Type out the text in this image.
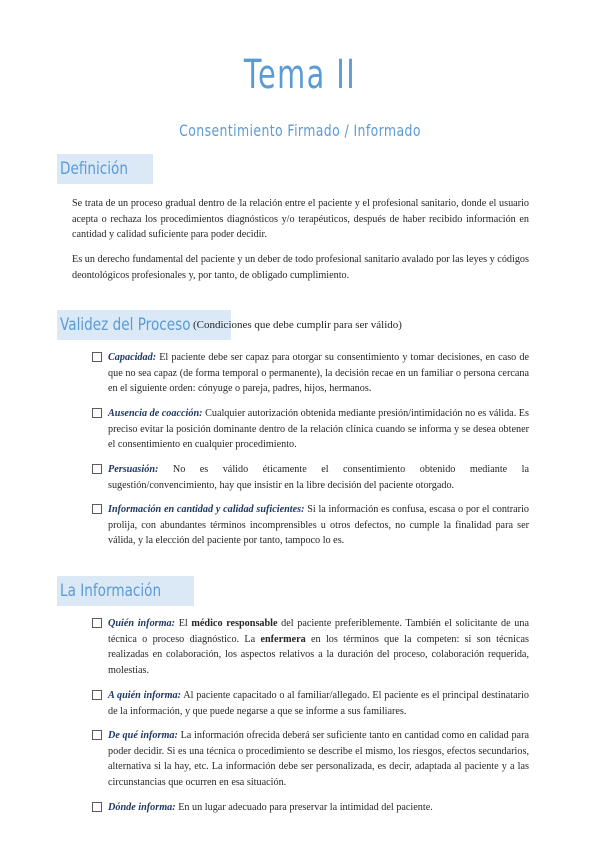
Tema II
Consentimiento Firmado / Informado
Definición

Se trata de un proceso gradual dentro de la relación entre el paciente y el profesional sanitario, donde el usuario acepta o rechaza los procedimientos diagnósticos y/o terapéuticos, después de haber recibido información en cantidad y calidad suficiente para poder decidir.

Es un derecho fundamental del paciente y un deber de todo profesional sanitario avalado por las leyes y códigos deontológicos profesionales y, por tanto, de obligado cumplimiento.

Validez del Proceso (Condiciones que debe cumplir para ser válido)

Capacidad: El paciente debe ser capaz para otorgar su consentimiento y tomar decisiones, en caso de que no sea capaz (de forma temporal o permanente), la decisión recae en un familiar o persona cercana en el siguiente orden: cónyuge o pareja, padres, hijos, hermanos.

Ausencia de coacción: Cualquier autorización obtenida mediante presión/intimidación no es válida. Es preciso evitar la posición dominante dentro de la relación clínica cuando se informa y se desea obtener el consentimiento en cualquier procedimiento.

Persuasión: No es válido éticamente el consentimiento obtenido mediante la sugestión/convencimiento, hay que insistir en la libre decisión del paciente otorgado.

Información en cantidad y calidad suficientes: Si la información es confusa, escasa o por el contrario prolija, con abundantes términos incomprensibles u otros defectos, no cumple la finalidad para ser válida, y la elección del paciente por tanto, tampoco lo es.

La Información

Quién informa: El médico responsable del paciente preferiblemente. También el solicitante de una técnica o proceso diagnóstico. La enfermera en los términos que la competen: si son técnicas realizadas en colaboración, los aspectos relativos a la duración del proceso, colaboración requerida, molestias.

A quién informa: Al paciente capacitado o al familiar/allegado. El paciente es el principal destinatario de la información, y que puede negarse a que se informe a sus familiares.

De qué informa: La información ofrecida deberá ser suficiente tanto en cantidad como en calidad para poder decidir. Si es una técnica o procedimiento se describe el mismo, los riesgos, efectos secundarios, alternativa si la hay, etc. La información debe ser personalizada, es decir, adaptada al paciente y a las circunstancias que ocurren en esa situación.

Dónde informa: En un lugar adecuado para preservar la intimidad del paciente.
